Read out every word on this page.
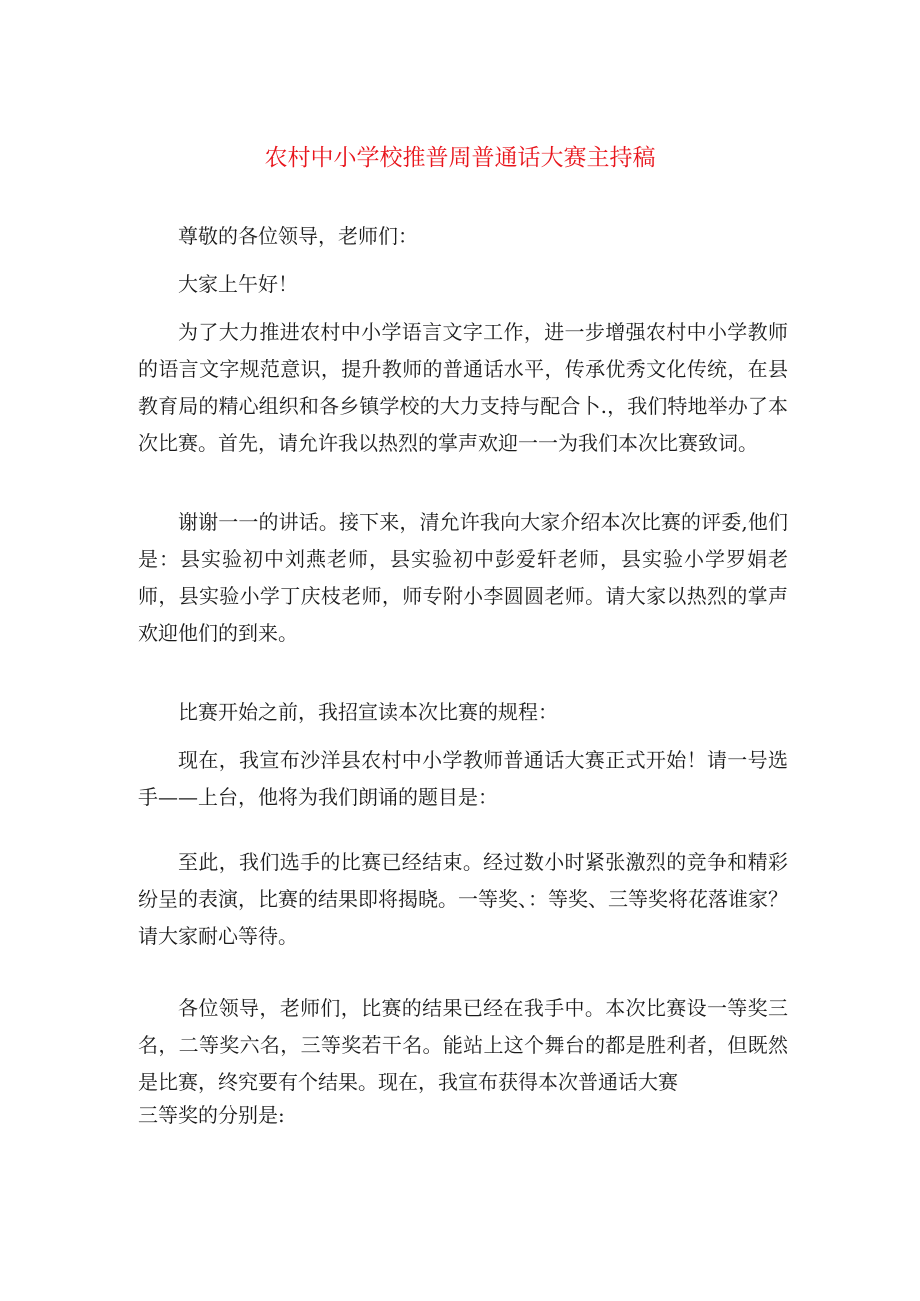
农村中小学校推普周普通话大赛主持稿

尊敬的各位领导，老师们：

大家上午好！

为了大力推进农村中小学语言文字工作，进一步增强农村中小学教师的语言文字规范意识，提升教师的普通话水平，传承优秀文化传统，在县教育局的精心组织和各乡镇学校的大力支持与配合卜.，我们特地举办了本次比赛。首先，请允许我以热烈的掌声欢迎一一为我们本次比赛致词。

谢谢一一的讲话。接下来，清允许我向大家介绍本次比赛的评委,他们是：县实验初中刘燕老师，县实验初中彭爱轩老师，县实验小学罗娟老师，县实验小学丁庆枝老师，师专附小李圆圆老师。请大家以热烈的掌声欢迎他们的到来。

比赛开始之前，我招宣读本次比赛的规程：

现在，我宣布沙洋县农村中小学教师普通话大赛正式开始！请一号选手——上台，他将为我们朗诵的题目是：

至此，我们选手的比赛已经结束。经过数小时紧张激烈的竞争和精彩纷呈的表演，比赛的结果即将揭晓。一等奖、：等奖、三等奖将花落谁家？请大家耐心等待。

各位领导，老师们，比赛的结果已经在我手中。本次比赛设一等奖三名，二等奖六名，三等奖若干名。能站上这个舞台的都是胜利者，但既然是比赛，终究要有个结果。现在，我宣布获得本次普通话大赛
三等奖的分别是:
